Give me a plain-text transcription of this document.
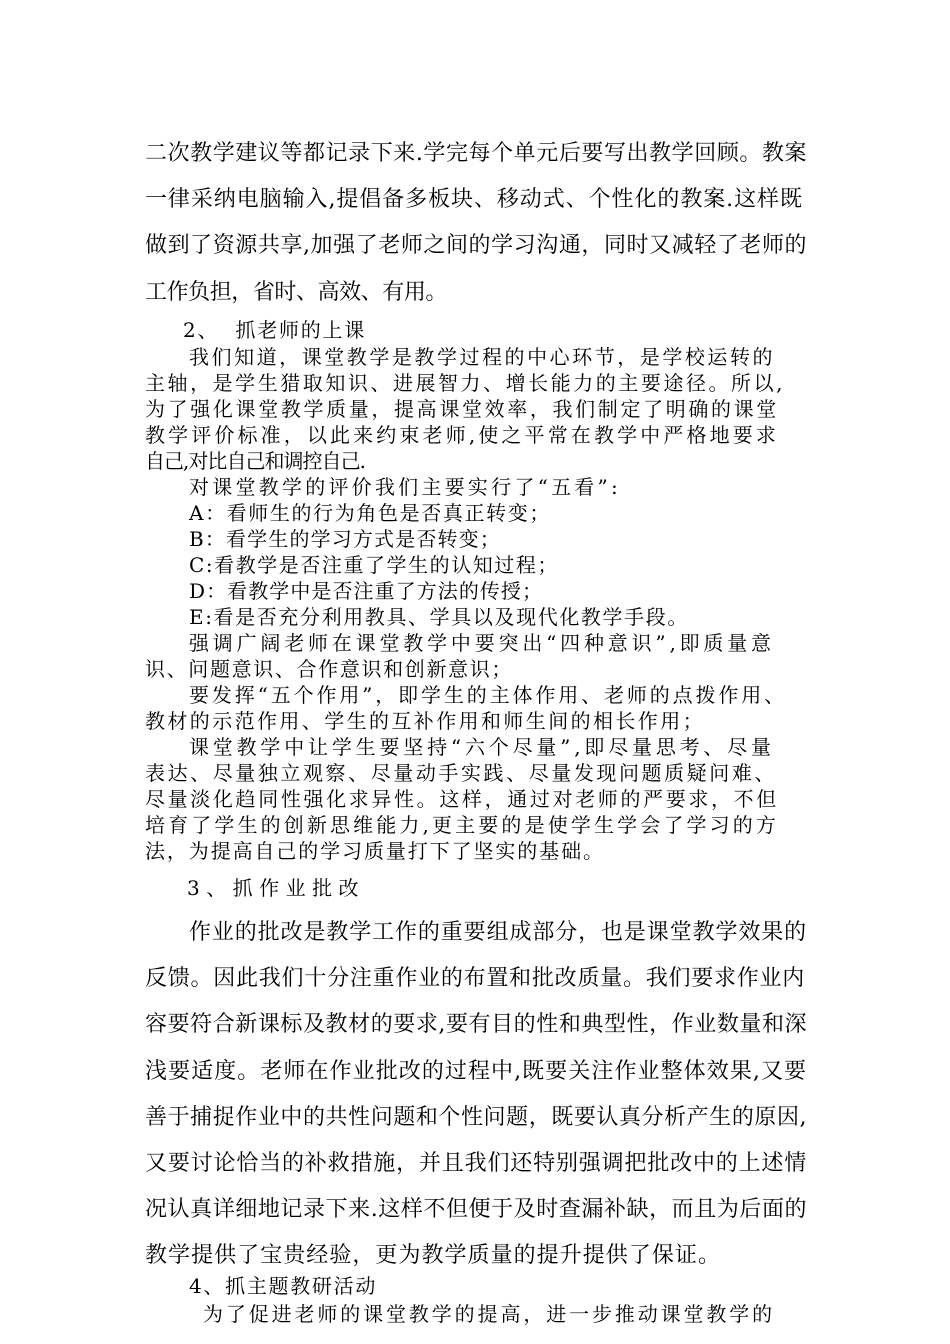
二次教学建议等都记录下来.学完每个单元后要写出教学回顾。教案
一律采纳电脑输入,提倡备多板块、移动式、个性化的教案.这样既
做到了资源共享,加强了老师之间的学习沟通，同时又减轻了老师的
工作负担，省时、高效、有用。
2、  抓老师的上课
我们知道，课堂教学是教学过程的中心环节，是学校运转的
主轴，是学生猎取知识、进展智力、增长能力的主要途径。所以,
为了强化课堂教学质量，提高课堂效率，我们制定了明确的课堂
教学评价标准，以此来约束老师,使之平常在教学中严格地要求
自己,对比自己和调控自己.
对课堂教学的评价我们主要实行了“五看”:
A：看师生的行为角色是否真正转变；
B：看学生的学习方式是否转变；
C:看教学是否注重了学生的认知过程；
D：看教学中是否注重了方法的传授；
E:看是否充分利用教具、学具以及现代化教学手段。
强调广阔老师在课堂教学中要突出“四种意识”,即质量意
识、问题意识、合作意识和创新意识；
要发挥“五个作用”，即学生的主体作用、老师的点拨作用、
教材的示范作用、学生的互补作用和师生间的相长作用；
课堂教学中让学生要坚持“六个尽量”,即尽量思考、尽量
表达、尽量独立观察、尽量动手实践、尽量发现问题质疑问难、
尽量淡化趋同性强化求异性。这样，通过对老师的严要求，不但
培育了学生的创新思维能力,更主要的是使学生学会了学习的方
法，为提高自己的学习质量打下了坚实的基础。
3、抓作业批改
作业的批改是教学工作的重要组成部分，也是课堂教学效果的
反馈。因此我们十分注重作业的布置和批改质量。我们要求作业内
容要符合新课标及教材的要求,要有目的性和典型性，作业数量和深
浅要适度。老师在作业批改的过程中,既要关注作业整体效果,又要
善于捕捉作业中的共性问题和个性问题，既要认真分析产生的原因,
又要讨论恰当的补救措施，并且我们还特别强调把批改中的上述情
况认真详细地记录下来.这样不但便于及时查漏补缺，而且为后面的
教学提供了宝贵经验，更为教学质量的提升提供了保证。
4、抓主题教研活动
为了促进老师的课堂教学的提高，进一步推动课堂教学的
